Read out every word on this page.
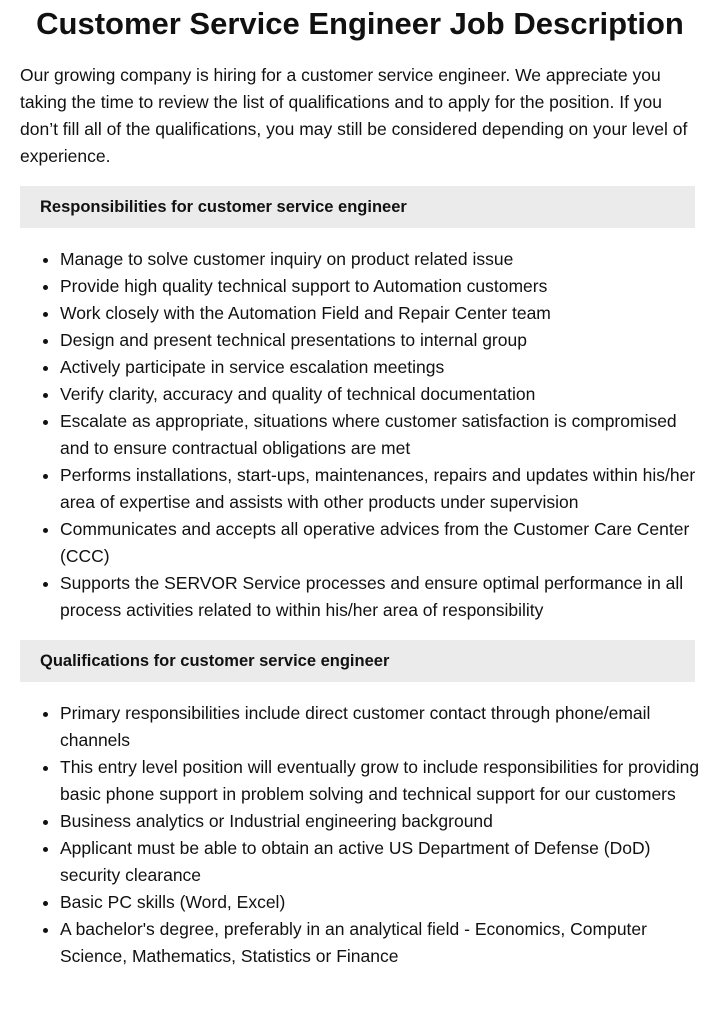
Customer Service Engineer Job Description

Our growing company is hiring for a customer service engineer. We appreciate you taking the time to review the list of qualifications and to apply for the position. If you don’t fill all of the qualifications, you may still be considered depending on your level of experience.

Responsibilities for customer service engineer
• Manage to solve customer inquiry on product related issue
• Provide high quality technical support to Automation customers
• Work closely with the Automation Field and Repair Center team
• Design and present technical presentations to internal group
• Actively participate in service escalation meetings
• Verify clarity, accuracy and quality of technical documentation
• Escalate as appropriate, situations where customer satisfaction is compromised and to ensure contractual obligations are met
• Performs installations, start-ups, maintenances, repairs and updates within his/her area of expertise and assists with other products under supervision
• Communicates and accepts all operative advices from the Customer Care Center (CCC)
• Supports the SERVOR Service processes and ensure optimal performance in all process activities related to within his/her area of responsibility
Qualifications for customer service engineer
• Primary responsibilities include direct customer contact through phone/email channels
• This entry level position will eventually grow to include responsibilities for providing basic phone support in problem solving and technical support for our customers
• Business analytics or Industrial engineering background
• Applicant must be able to obtain an active US Department of Defense (DoD) security clearance
• Basic PC skills (Word, Excel)
• A bachelor's degree, preferably in an analytical field - Economics, Computer Science, Mathematics, Statistics or Finance
